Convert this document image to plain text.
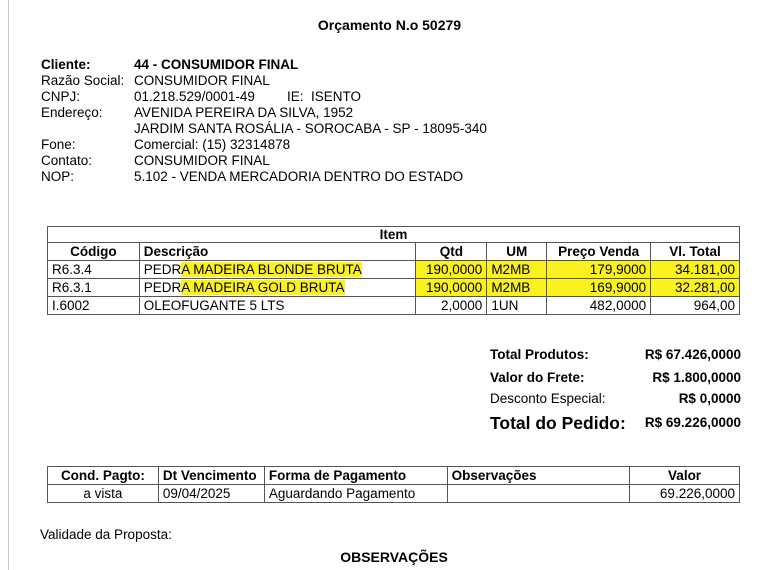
Orçamento N.o 50279
Cliente:	44 - CONSUMIDOR FINAL
Razão Social: CONSUMIDOR FINAL
CNPJ:	01.218.529/0001-49 IE:  ISENTO
Endereço: AVENIDA PEREIRA DA SILVA, 1952
JARDIM SANTA ROSÁLIA - SOROCABA - SP - 18095-340
Fone:	Comercial: (15) 32314878
Contato:	CONSUMIDOR FINAL
NOP:	5.102 - VENDA MERCADORIA DENTRO DO ESTADO
Item					
Código	Descrição	Qtd	UM	Preço Venda	Vl. Total
R6.3.4	PEDRA MADEIRA BLONDE BRUTA	190,0000	M2MB	179,9000	34.181,00
R6.3.1	PEDRA MADEIRA GOLD BRUTA	190,0000	M2MB	169,9000	32.281,00
I.6002	OLEOFUGANTE 5 LTS	2,0000	1UN	482,0000	964,00
Total Produtos:	R$ 67.426,0000
Valor do Frete:	R$ 1.800,0000
Desconto Especial:	R$ 0,0000
Total do Pedido: R$ 69.226,0000
Cond. Pagto:	Dt Vencimento	Forma de Pagamento	Observações	Valor
a vista	09/04/2025	Aguardando Pagamento		69.226,0000
Validade da Proposta:
OBSERVAÇÕES
